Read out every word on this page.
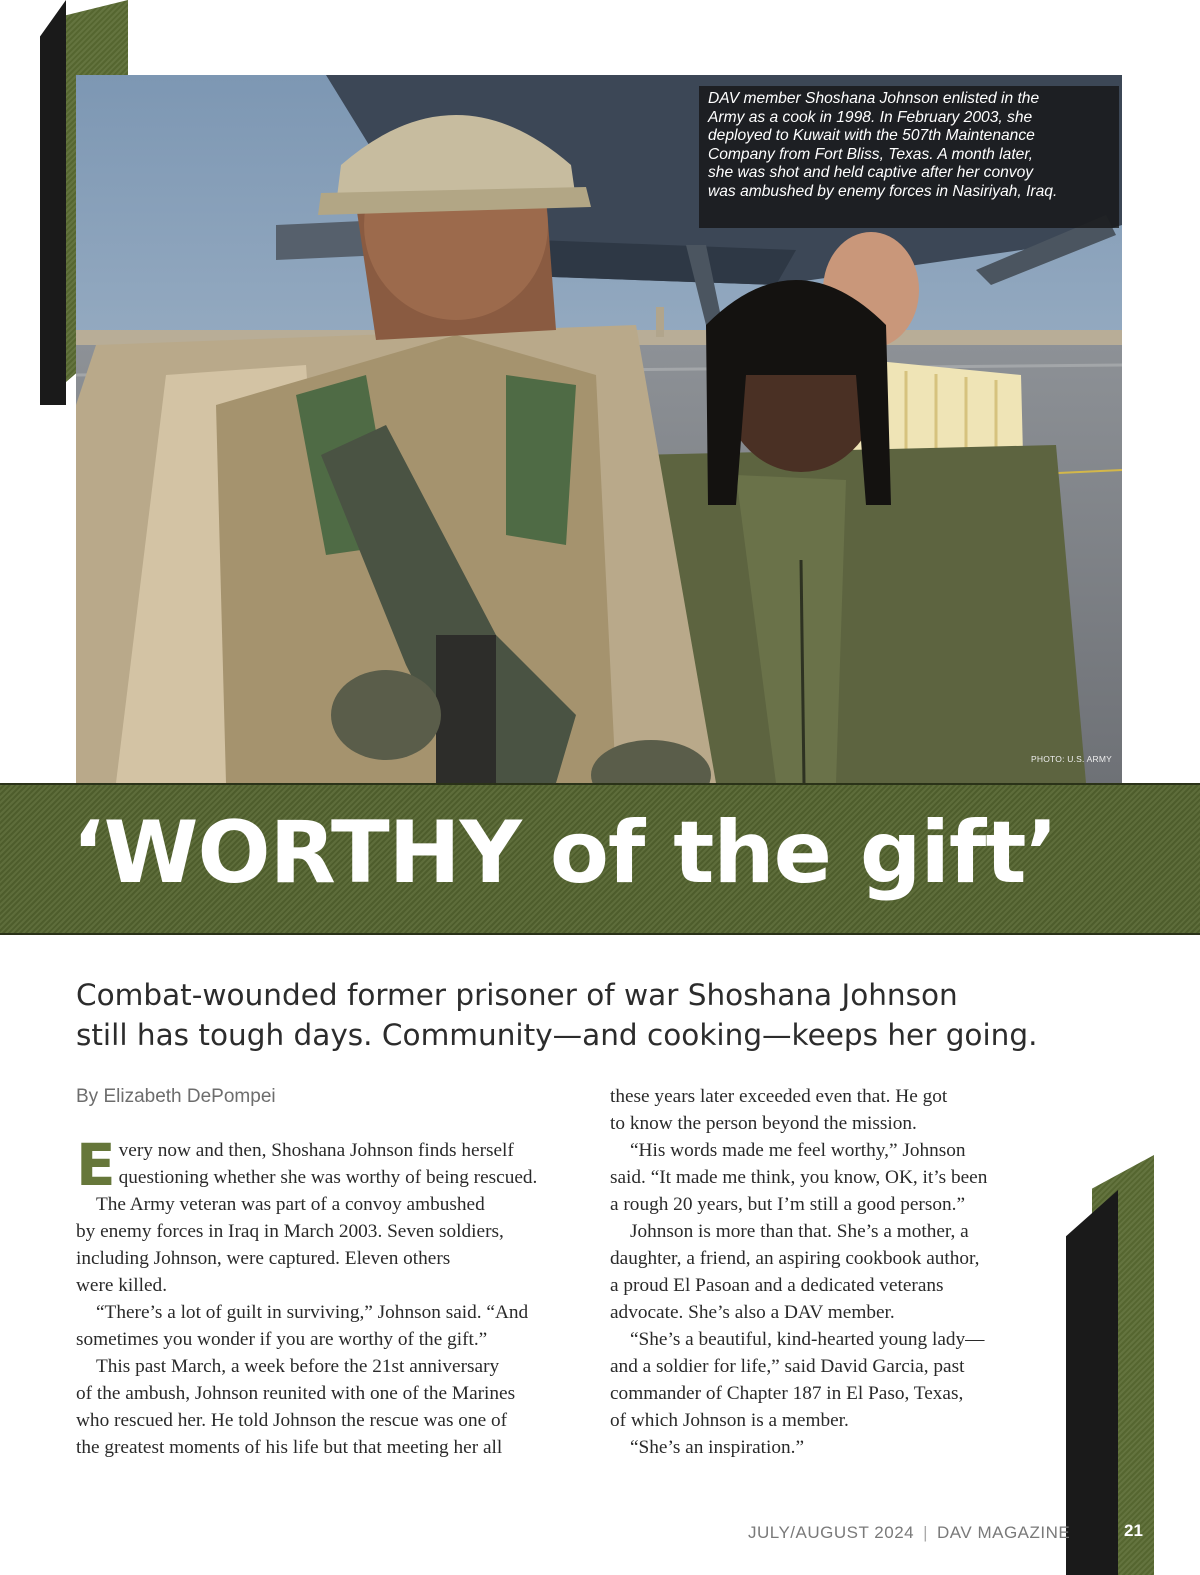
DAV member Shoshana Johnson enlisted in the
Army as a cook in 1998. In February 2003, she
deployed to Kuwait with the 507th Maintenance
Company from Fort Bliss, Texas. A month later,
she was shot and held captive after her convoy
was ambushed by enemy forces in Nasiriyah, Iraq.
PHOTO: U.S. ARMY
‘WORTHY of the gift’
Combat-wounded former prisoner of war Shoshana Johnson
still has tough days. Community—and cooking—keeps her going.
By Elizabeth DePompei
E very now and then, Shoshana Johnson finds herself

questioning whether she was worthy of being rescued.

The Army veteran was part of a convoy ambushed

by enemy forces in Iraq in March 2003. Seven soldiers,

including Johnson, were captured. Eleven others

were killed.

“There’s a lot of guilt in surviving,” Johnson said. “And

sometimes you wonder if you are worthy of the gift.”

This past March, a week before the 21st anniversary

of the ambush, Johnson reunited with one of the Marines

who rescued her. He told Johnson the rescue was one of

the greatest moments of his life but that meeting her all

these years later exceeded even that. He got

to know the person beyond the mission.

“His words made me feel worthy,” Johnson

said. “It made me think, you know, OK, it’s been

a rough 20 years, but I’m still a good person.”

Johnson is more than that. She’s a mother, a

daughter, a friend, an aspiring cookbook author,

a proud El Pasoan and a dedicated veterans

advocate. She’s also a DAV member.

“She’s a beautiful, kind-hearted young lady—

and a soldier for life,” said David Garcia, past

commander of Chapter 187 in El Paso, Texas,

of which Johnson is a member.

“She’s an inspiration.”

JULY/AUGUST 2024 | DAV MAGAZINE	21
